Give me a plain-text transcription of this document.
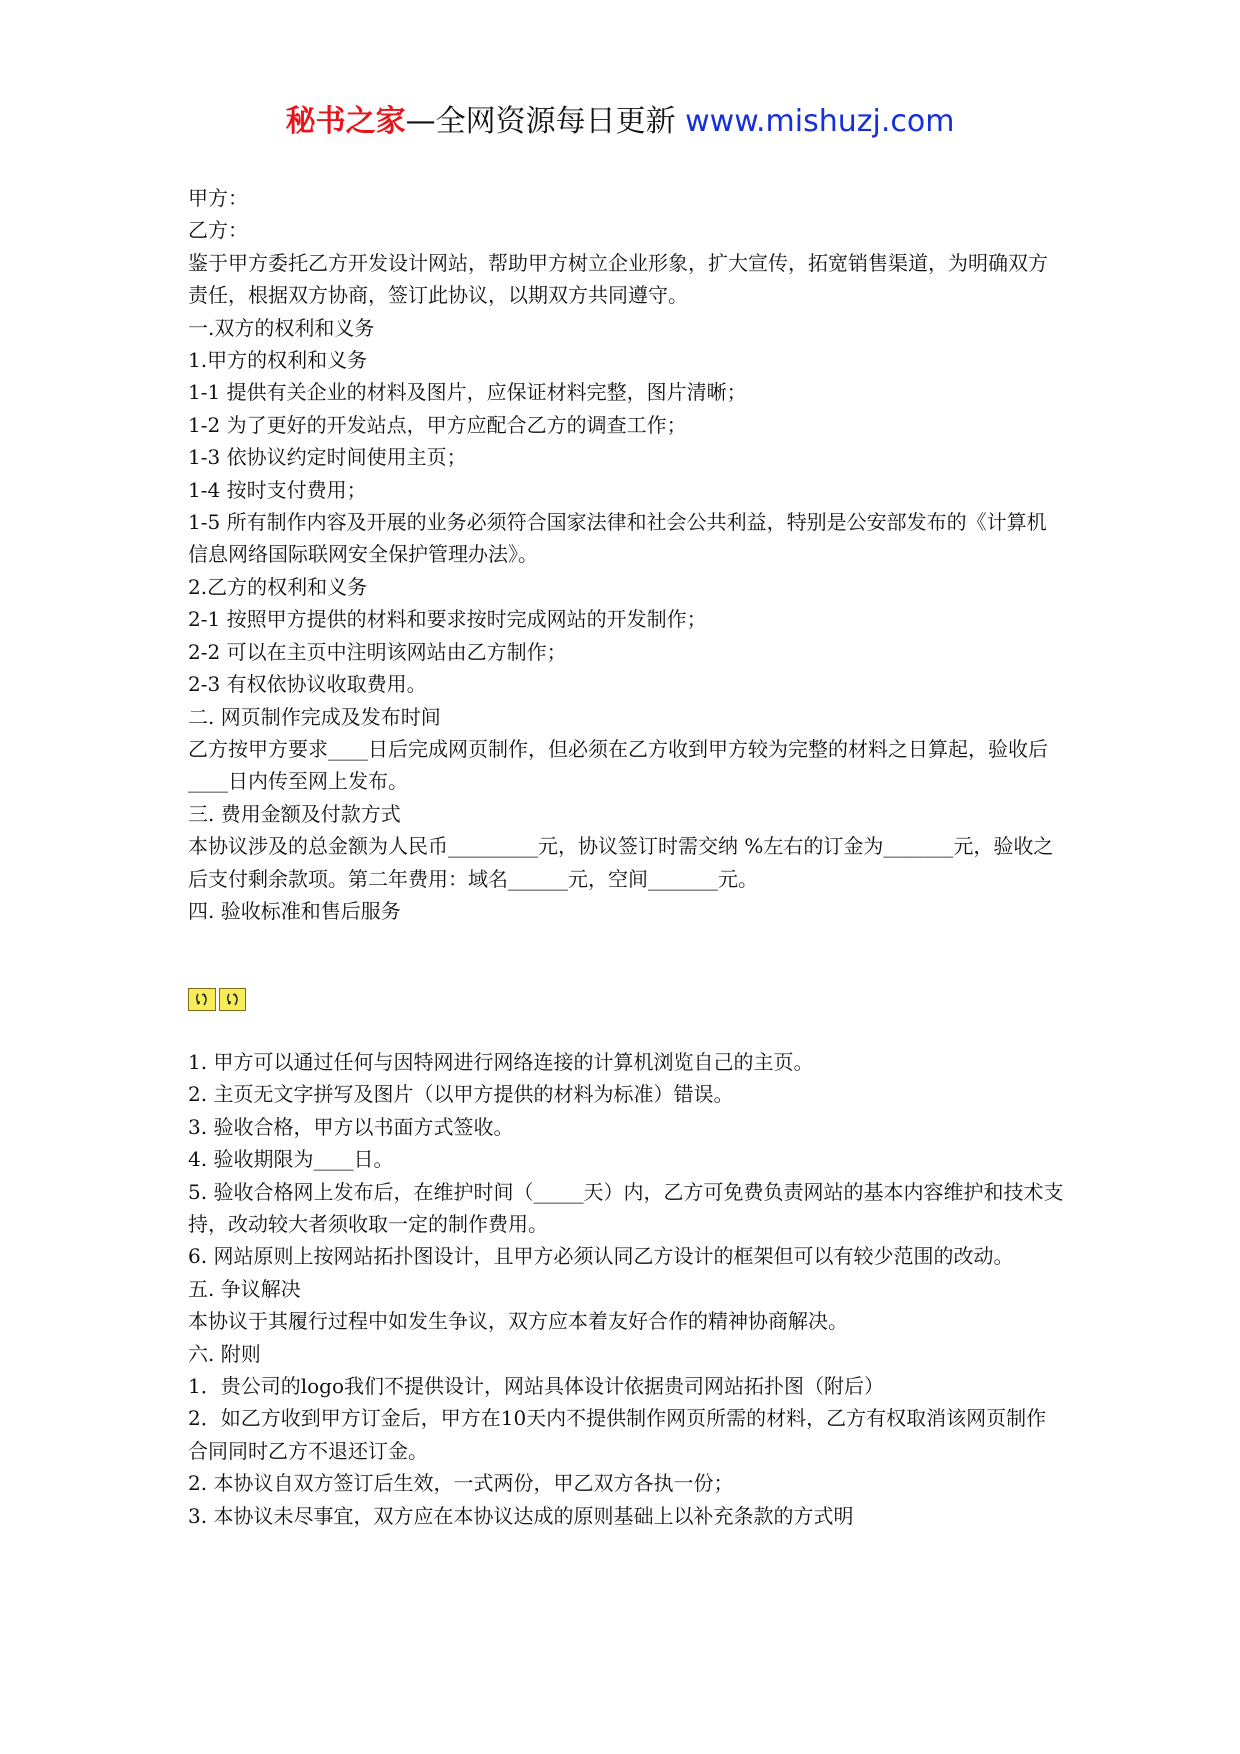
秘书之家—全网资源每日更新 www.mishuzj.com

甲方：

乙方：

鉴于甲方委托乙方开发设计网站，帮助甲方树立企业形象，扩大宣传，拓宽销售渠道，为明确双方责任，根据双方协商，签订此协议，以期双方共同遵守。

一.双方的权利和义务

1.甲方的权利和义务

1-1 提供有关企业的材料及图片，应保证材料完整，图片清晰；

1-2 为了更好的开发站点，甲方应配合乙方的调查工作；

1-3 依协议约定时间使用主页；

1-4 按时支付费用；

1-5 所有制作内容及开展的业务必须符合国家法律和社会公共利益，特别是公安部发布的《计算机信息网络国际联网安全保护管理办法》。

2.乙方的权利和义务

2-1 按照甲方提供的材料和要求按时完成网站的开发制作；

2-2 可以在主页中注明该网站由乙方制作；

2-3 有权依协议收取费用。

二. 网页制作完成及发布时间

乙方按甲方要求____日后完成网页制作，但必须在乙方收到甲方较为完整的材料之日算起，验收后____日内传至网上发布。

三. 费用金额及付款方式

本协议涉及的总金额为人民币_________元，协议签订时需交纳 %左右的订金为_______元，验收之后支付剩余款项。第二年费用：域名______元，空间_______元。

四. 验收标准和售后服务

1. 甲方可以通过任何与因特网进行网络连接的计算机浏览自己的主页。

2. 主页无文字拼写及图片（以甲方提供的材料为标准）错误。

3. 验收合格，甲方以书面方式签收。

4. 验收期限为____日。

5. 验收合格网上发布后，在维护时间（_____天）内，乙方可免费负责网站的基本内容维护和技术支持，改动较大者须收取一定的制作费用。

6. 网站原则上按网站拓扑图设计，且甲方必须认同乙方设计的框架但可以有较少范围的改动。

五. 争议解决

本协议于其履行过程中如发生争议，双方应本着友好合作的精神协商解决。

六. 附则

1．贵公司的logo我们不提供设计，网站具体设计依据贵司网站拓扑图（附后）

2．如乙方收到甲方订金后，甲方在10天内不提供制作网页所需的材料，乙方有权取消该网页制作合同同时乙方不退还订金。

2. 本协议自双方签订后生效，一式两份，甲乙双方各执一份；

3. 本协议未尽事宜，双方应在本协议达成的原则基础上以补充条款的方式明
